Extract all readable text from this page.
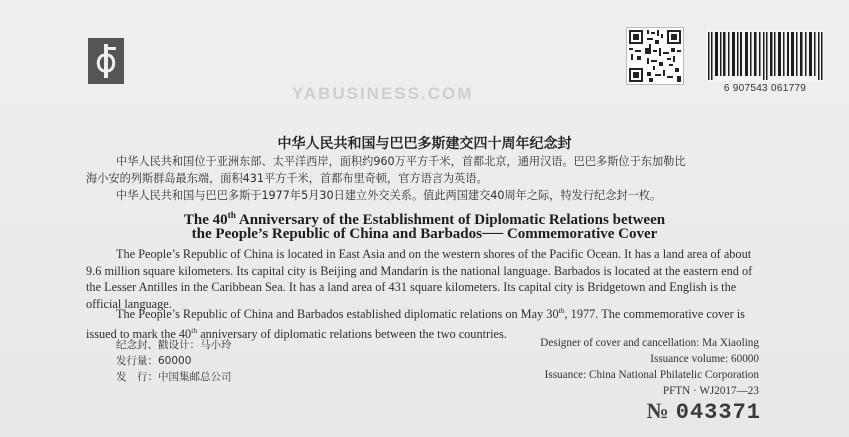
6 907543 061779
YABUSINESS.COM
中华人民共和国与巴巴多斯建交四十周年纪念封
中华人民共和国位于亚洲东部、太平洋西岸，面积约960万平方千米，首都北京，通用汉语。巴巴多斯位于东加勒比
海小安的列斯群岛最东端，面积431平方千米，首都布里奇顿，官方语言为英语。
中华人民共和国与巴巴多斯于1977年5月30日建立外交关系。值此两国建交40周年之际，特发行纪念封一枚。
The 40th Anniversary of the Establishment of Diplomatic Relations between
the People’s Republic of China and Barbados── Commemorative Cover
The People’s Republic of China is located in East Asia and on the western shores of the Pacific Ocean. It has a land area of about 9.6 million square kilometers. Its capital city is Beijing and Mandarin is the national language. Barbados is located at the eastern end of the Lesser Antilles in the Caribbean Sea. It has a land area of 431 square kilometers. Its capital city is Bridgetown and English is the official language.
The People’s Republic of China and Barbados established diplomatic relations on May 30th, 1977. The commemorative cover is issued to mark the 40th anniversary of diplomatic relations between the two countries.
纪念封、戳设计：马小玲
发行量：60000
发　行：中国集邮总公司
Designer of cover and cancellation: Ma Xiaoling
Issuance volume: 60000
Issuance: China National Philatelic Corporation
PFTN · WJ2017—23
№ 043371
